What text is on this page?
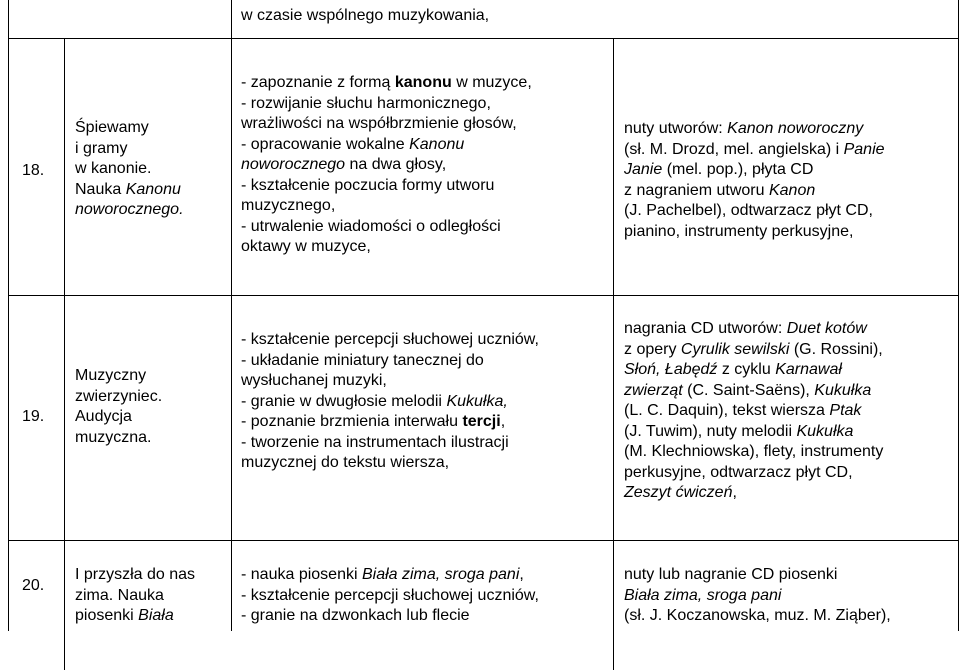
w czasie wspólnego muzykowania,
18.
Śpiewamy
i gramy
w kanonie.
Nauka Kanonu
noworocznego.
- zapoznanie z formą kanonu w muzyce,
- rozwijanie słuchu harmonicznego,
wrażliwości na współbrzmienie głosów,
- opracowanie wokalne Kanonu
noworocznego na dwa głosy,
- kształcenie poczucia formy utworu
muzycznego,
- utrwalenie wiadomości o odległości
oktawy w muzyce,
nuty utworów: Kanon noworoczny
(sł. M. Drozd, mel. angielska) i Panie
Janie (mel. pop.), płyta CD
z nagraniem utworu Kanon
(J. Pachelbel), odtwarzacz płyt CD,
pianino, instrumenty perkusyjne,
19.
Muzyczny
zwierzyniec.
Audycja
muzyczna.
- kształcenie percepcji słuchowej uczniów,
- układanie miniatury tanecznej do
wysłuchanej muzyki,
- granie w dwugłosie melodii Kukułka,
- poznanie brzmienia interwału tercji,
- tworzenie na instrumentach ilustracji
muzycznej do tekstu wiersza,
nagrania CD utworów: Duet kotów
z opery Cyrulik sewilski (G. Rossini),
Słoń, Łabędź z cyklu Karnawał
zwierząt (C. Saint-Saëns), Kukułka
(L. C. Daquin), tekst wiersza Ptak
(J. Tuwim), nuty melodii Kukułka
(M. Klechniowska), flety, instrumenty
perkusyjne, odtwarzacz płyt CD,
Zeszyt ćwiczeń,
20.
I przyszła do nas
zima. Nauka
piosenki Biała
- nauka piosenki Biała zima, sroga pani,
- kształcenie percepcji słuchowej uczniów,
- granie na dzwonkach lub flecie
nuty lub nagranie CD piosenki
Biała zima, sroga pani
(sł. J. Koczanowska, muz. M. Ziąber),
